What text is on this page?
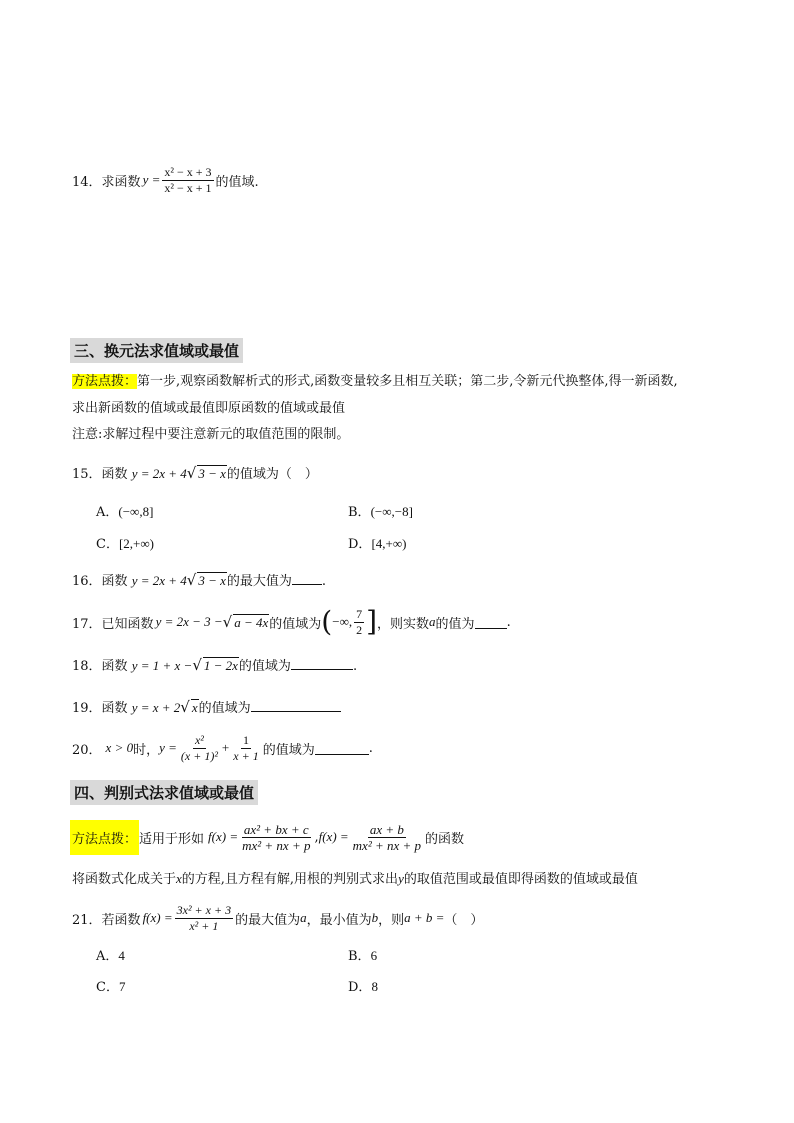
14． 求函数 $y = \frac{\text{x² − x + 3}}{\text{x² − x + 1}}$ 的值域.
三、换元法求值域或最值
方法点拨：第一步,观察函数解析式的形式,函数变量较多且相互关联；第二步,令新元代换整体,得一新函数,
求出新函数的值域或最值即原函数的值域或最值
注意:求解过程中要注意新元的取值范围的限制。
15．函数 y = 2x + 4√ 3 − x的值域为（　）
A．(−∞,8]	B．(−∞,−8]
C．[2,+∞)	D．[4,+∞)
16．函数 y = 2x + 4√ 3 − x的最大值为 .
17． 已知函数 y = 2x − 3 − √ a − 4x 的值域为 ( −∞, $\frac{7}{2}$ ] ，则实数 a 的值为 .
18．函数 y = 1 + x −√ 1 − 2x的值域为	.
19．函数 y = x + 2√ x的值域为
20． x > 0 时， $y = \frac{\text{x²}}{\text{(x + 1)²}} + \frac{1}{x + 1}$ 的值域为	.
四、判别式法求值域或最值
方法点拨： 适用于形如 $f(x) = \frac{\text{ax² + bx + c}}{\text{mx² + nx + p}}$ , $f(x) = \frac{ax + b}{\text{mx² + nx + p}}$ 的函数
将函数式化成关于x的方程,且方程有解,用根的判别式求出y的取值范围或最值即得函数的值域或最值
21． 若函数 $f(x) = \frac{\text{3x² + x + 3}}{\text{x² + 1}}$ 的最大值为 a ，最小值为 b ，则 a + b = （　）
A．4	B．6
C．7	D．8
